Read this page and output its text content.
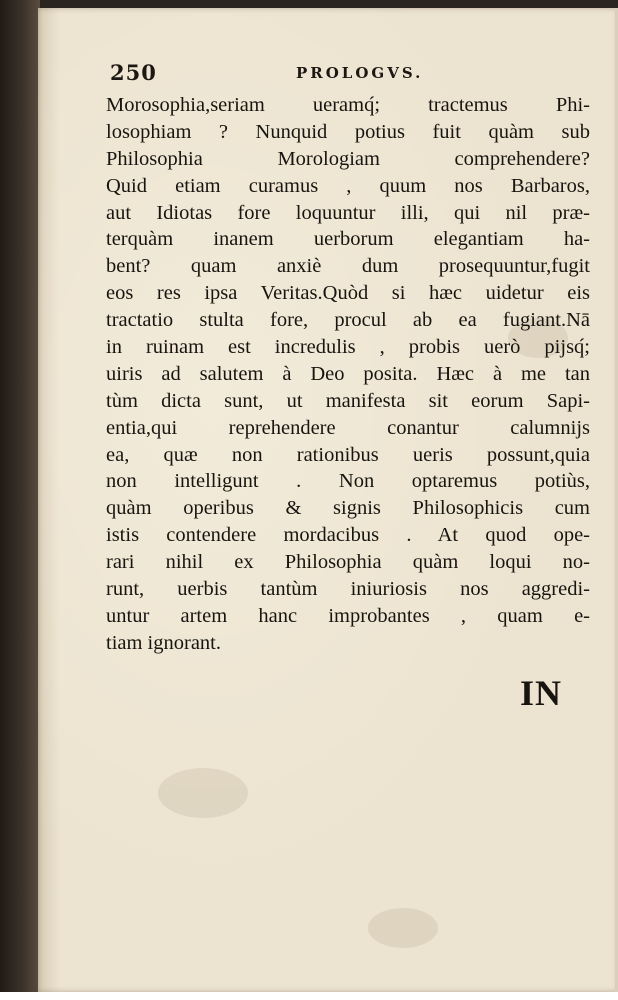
250	PROLOGVS.
Morosophia,seriam ueramq́; tractemus Phi-
losophiam ? Nunquid potius fuit quàm sub
Philosophia Morologiam comprehendere?
Quid etiam curamus , quum nos Barbaros,
aut Idiotas fore loquuntur illi, qui nil præ-
terquàm inanem uerborum elegantiam ha-
bent? quam anxiè dum prosequuntur,fugit
eos res ipsa Veritas.Quòd si hæc uidetur eis
tractatio stulta fore, procul ab ea fugiant.Nā
in ruinam est incredulis , probis uerò pijsq́;
uiris ad salutem à Deo posita. Hæc à me tan
tùm dicta sunt, ut manifesta sit eorum Sapi-
entia,qui reprehendere conantur calumnijs
ea, quæ non rationibus ueris possunt,quia
non intelligunt . Non optaremus potiùs,
quàm operibus & signis Philosophicis cum
istis contendere mordacibus . At quod ope-
rari nihil ex Philosophia quàm loqui no-
runt, uerbis tantùm iniuriosis nos aggredi-
untur artem hanc improbantes , quam e-
tiam ignorant.
IN
